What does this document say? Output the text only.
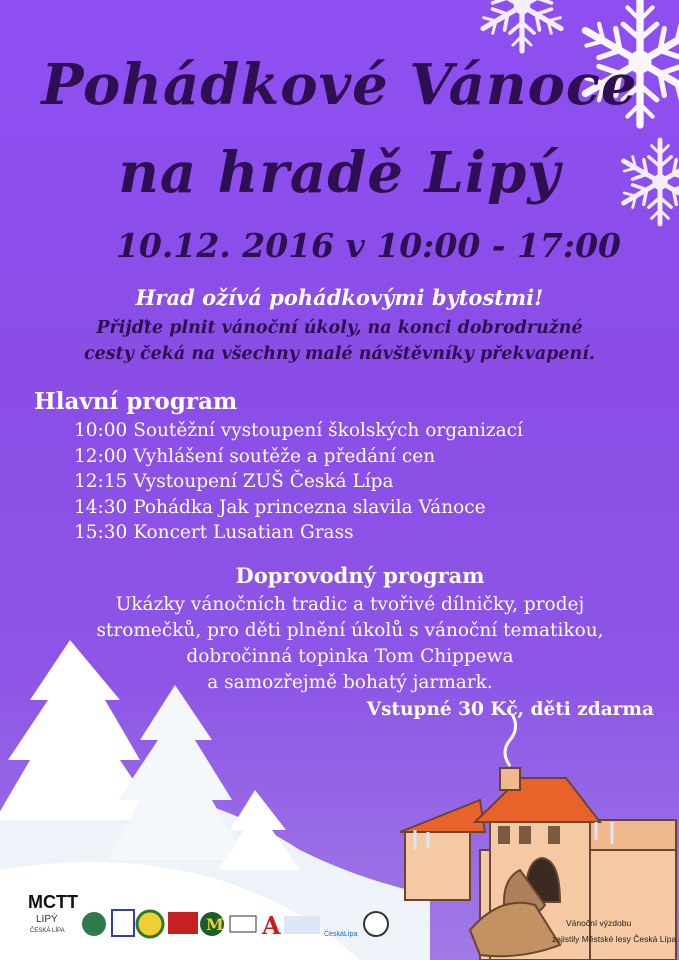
Pohádkové Vánoce
na hradě Lipý
10.12. 2016 v 10:00 - 17:00
Hrad ožívá pohádkovými bytostmi!
Přijďte plnit vánoční úkoly, na konci dobrodružné
cesty čeká na všechny malé návštěvníky překvapení.
Hlavní program
10:00 Soutěžní vystoupení školských organizací
12:00 Vyhlášení soutěže a předání cen
12:15 Vystoupení ZUŠ Česká Lípa
14:30 Pohádka Jak princezna slavila Vánoce
15:30 Koncert Lusatian Grass
Doprovodný program
Ukázky vánočních tradic a tvořivé dílničky, prodej
stromečků, pro děti plnění úkolů s vánoční tematikou,
dobročinná topinka Tom Chippewa
a samozřejmě bohatý jarmark.
Vstupné 30 Kč, děti zdarma
MCTT
LIPÝ
ČESKÁ LÍPA	M A	ČeskáLípa
Vánoční výzdobu
zajistily Městské lesy Česká Lípa
